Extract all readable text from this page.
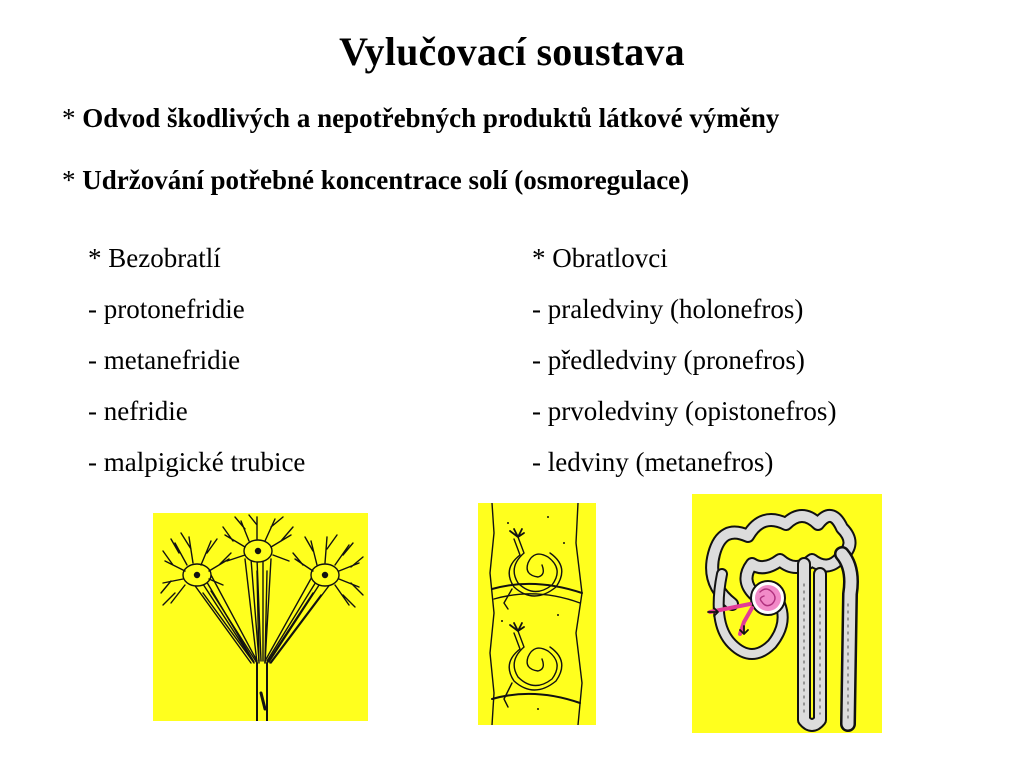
Vylučovací soustava
* Odvod škodlivých a nepotřebných produktů látkové výměny
* Udržování potřebné koncentrace solí (osmoregulace)
* Bezobratlí
- protonefridie
- metanefridie
- nefridie
- malpigické trubice
* Obratlovci
- praledviny (holonefros)
- předledviny (pronefros)
- prvoledviny (opistonefros)
- ledviny (metanefros)
